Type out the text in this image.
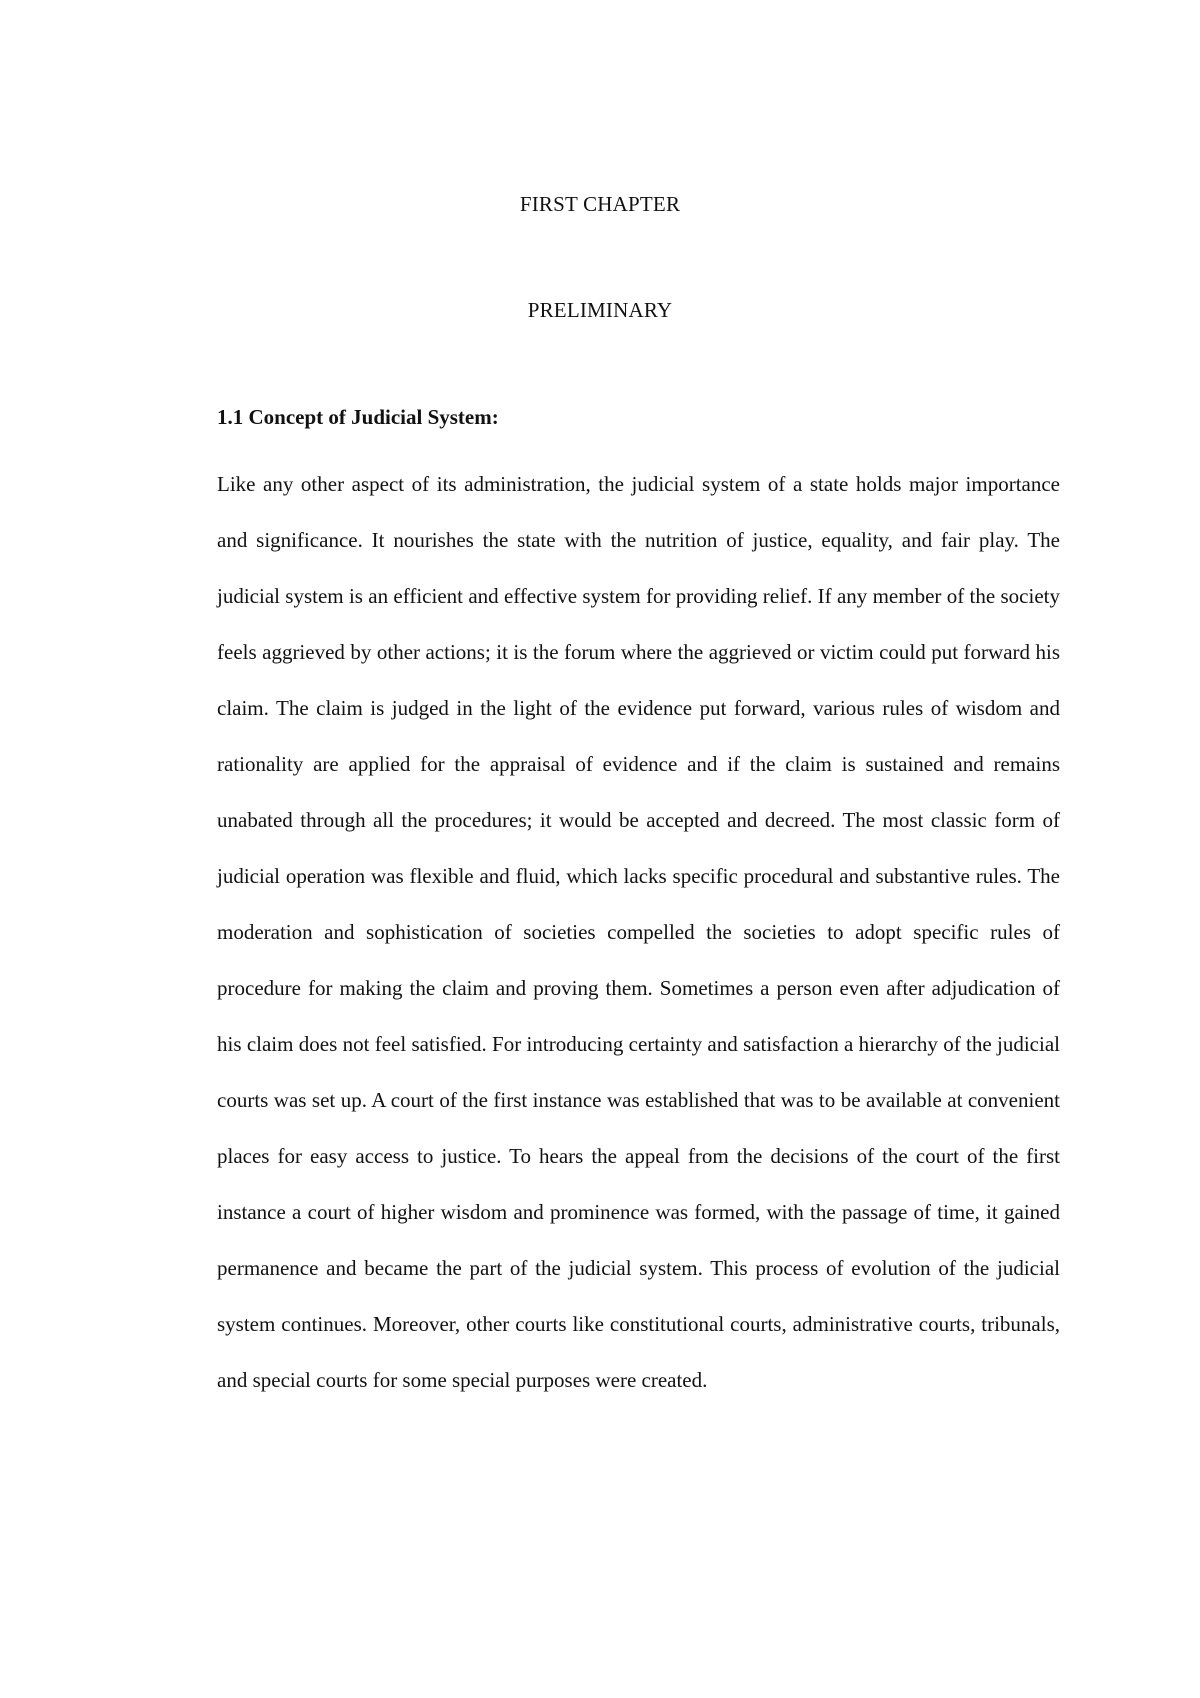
FIRST CHAPTER
PRELIMINARY
1.1 Concept of Judicial System:

Like any other aspect of its administration, the judicial system of a state holds major importance and significance. It nourishes the state with the nutrition of justice, equality, and fair play. The judicial system is an efficient and effective system for providing relief. If any member of the society feels aggrieved by other actions; it is the forum where the aggrieved or victim could put forward his claim. The claim is judged in the light of the evidence put forward, various rules of wisdom and rationality are applied for the appraisal of evidence and if the claim is sustained and remains unabated through all the procedures; it would be accepted and decreed. The most classic form of judicial operation was flexible and fluid, which lacks specific procedural and substantive rules. The moderation and sophistication of societies compelled the societies to adopt specific rules of procedure for making the claim and proving them. Sometimes a person even after adjudication of his claim does not feel satisfied. For introducing certainty and satisfaction a hierarchy of the judicial courts was set up. A court of the first instance was established that was to be available at convenient places for easy access to justice. To hears the appeal from the decisions of the court of the first instance a court of higher wisdom and prominence was formed, with the passage of time, it gained permanence and became the part of the judicial system. This process of evolution of the judicial system continues. Moreover, other courts like constitutional courts, administrative courts, tribunals, and special courts for some special purposes were created.
